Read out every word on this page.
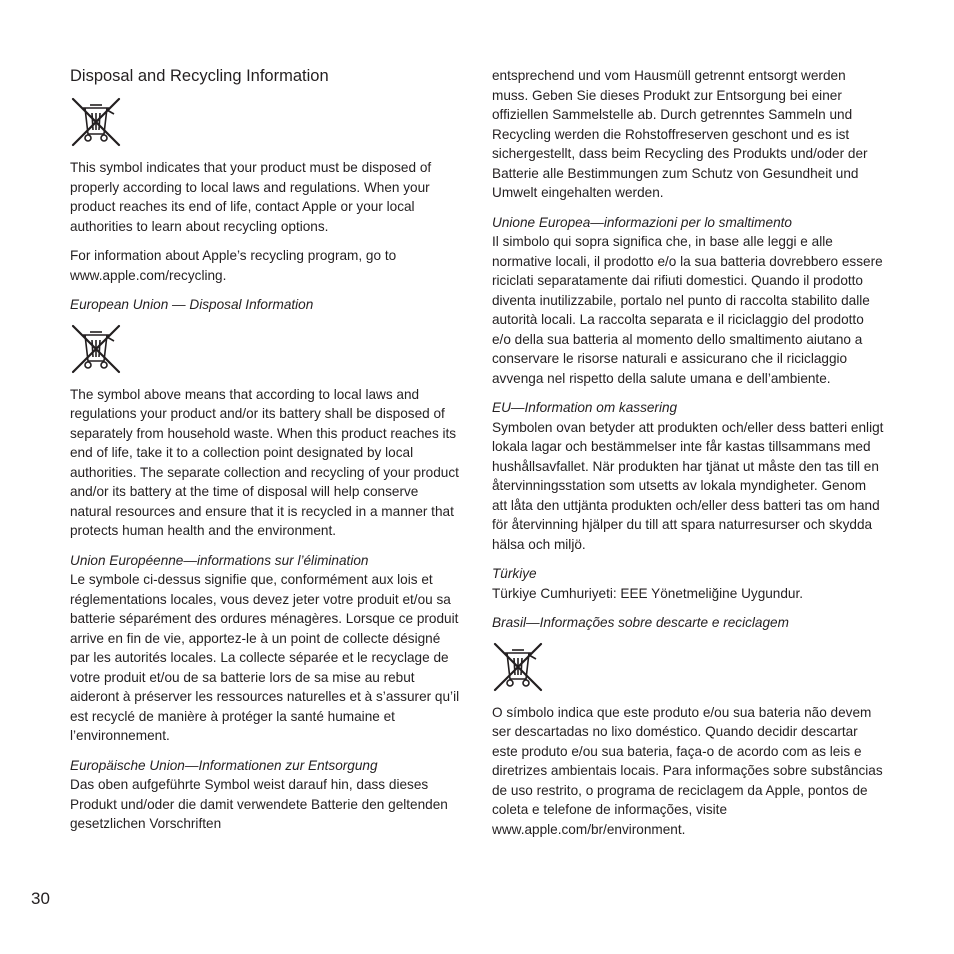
Disposal and Recycling Information

This symbol indicates that your product must be disposed of properly according to local laws and regulations. When your product reaches its end of life, contact Apple or your local authorities to learn about recycling options.

For information about Apple’s recycling program, go to www.apple.com/recycling.

European Union — Disposal Information

The symbol above means that according to local laws and regulations your product and/or its battery shall be disposed of separately from household waste. When this product reaches its end of life, take it to a collection point designated by local authorities. The separate collection and recycling of your product and/or its battery at the time of disposal will help conserve natural resources and ensure that it is recycled in a manner that protects human health and the environment.

Union Européenne—informations sur l’élimination

Le symbole ci-dessus signifie que, conformément aux lois et réglementations locales, vous devez jeter votre produit et/ou sa batterie séparément des ordures ménagères. Lorsque ce produit arrive en fin de vie, apportez-le à un point de collecte désigné par les autorités locales. La collecte séparée et le recyclage de votre produit et/ou de sa batterie lors de sa mise au rebut aideront à préserver les ressources naturelles et à s’assurer qu’il est recyclé de manière à protéger la santé humaine et l’environnement.

Europäische Union—Informationen zur Entsorgung

Das oben aufgeführte Symbol weist darauf hin, dass dieses Produkt und/oder die damit verwendete Batterie den geltenden gesetzlichen Vorschriften

entsprechend und vom Hausmüll getrennt entsorgt werden muss. Geben Sie dieses Produkt zur Entsorgung bei einer offiziellen Sammelstelle ab. Durch getrenntes Sammeln und Recycling werden die Rohstoffreserven geschont und es ist sichergestellt, dass beim Recycling des Produkts und/oder der Batterie alle Bestimmungen zum Schutz von Gesundheit und Umwelt eingehalten werden.

Unione Europea—informazioni per lo smaltimento

Il simbolo qui sopra significa che, in base alle leggi e alle normative locali, il prodotto e/o la sua batteria dovrebbero essere riciclati separatamente dai rifiuti domestici. Quando il prodotto diventa inutilizzabile, portalo nel punto di raccolta stabilito dalle autorità locali. La raccolta separata e il riciclaggio del prodotto e/o della sua batteria al momento dello smaltimento aiutano a conservare le risorse naturali e assicurano che il riciclaggio avvenga nel rispetto della salute umana e dell’ambiente.

EU—Information om kassering

Symbolen ovan betyder att produkten och/eller dess batteri enligt lokala lagar och bestämmelser inte får kastas tillsammans med hushållsavfallet. När produkten har tjänat ut måste den tas till en återvinningsstation som utsetts av lokala myndigheter. Genom att låta den uttjänta produkten och/eller dess batteri tas om hand för återvinning hjälper du till att spara naturresurser och skydda hälsa och miljö.

Türkiye

Türkiye Cumhuriyeti: EEE Yönetmeliğine Uygundur.

Brasil—Informações sobre descarte e reciclagem

O símbolo indica que este produto e/ou sua bateria não devem ser descartadas no lixo doméstico. Quando decidir descartar este produto e/ou sua bateria, faça-o de acordo com as leis e diretrizes ambientais locais. Para informações sobre substâncias de uso restrito, o programa de reciclagem da Apple, pontos de coleta e telefone de informações, visite www.apple.com/br/environment.

30
